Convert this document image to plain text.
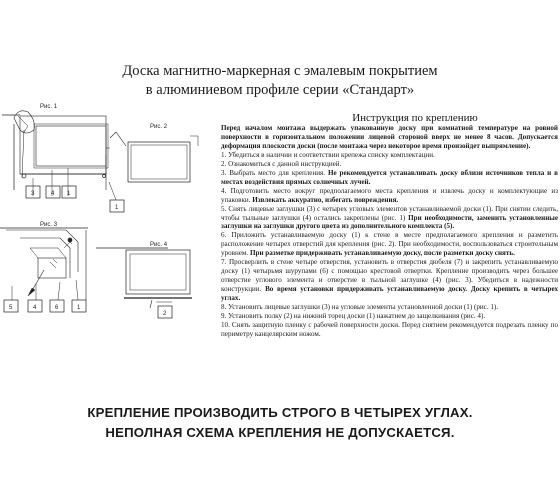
Доска магнитно-маркерная с эмалевым покрытием
в алюминиевом профиле серии «Стандарт»
Рис. 1
Рис. 2
Рис. 3
Рис. 4
3	4 1
1
5	4	6	1
2
Инструкция по креплению

Перед началом монтажа выдержать упакованную доску при комнатной температуре на ровной поверхности в горизонтальном положении лицевой стороной вверх не менее 8 часов. Допускается деформация плоскости доски (после монтажа через некоторое время произойдет выпрямление).

1. Убедиться в наличии и соответствии крепежа списку комплектации.

2. Ознакомиться с данной инструкцией.

3. Выбрать место для крепления. Не рекомендуется устанавливать доску вблизи источников тепла и в местах воздействия прямых солнечных лучей.

4. Подготовить место вокруг предполагаемого места крепления и извлечь доску и комплектующие из упаковки. Извлекать аккуратно, избегать повреждения.

5. Снять лицевые заглушки (3) с четырех угловых элементов устанавливаемой доски (1). При снятии следить, чтобы тыльные заглушки (4) остались закреплены (рис. 1) При необходимости, заменить установленные заглушки на заглушки другого цвета из дополнительного комплекта (5).

6. Приложить устанавливаемую доску (1) к стене в месте предполагаемого крепления и разметить расположение четырех отверстий для крепления (рис. 2). При необходимости, воспользоваться строительным уровнем. При разметке придерживать устанавливаемую доску, после разметки доску снять.

7. Просверлить в стене четыре отверстия, установить в отверстия дюбеля (7) и закрепить устанавливаемую доску (1) четырьмя шурупами (6) с помощью крестовой отвертки. Крепление производить через большее отверстие углового элемента и отверстие в тыльной заглушке (4) (рис. 3). Убедиться в надежности конструкции. Во время установки придерживать устанавливаемую доску. Доску крепить в четырех углах.

8. Установить лицевые заглушки (3) на угловые элементы установленной доски (1) (рис. 1).

9. Установить полку (2) на нижний торец доски (1) нажатием до защелкивания (рис. 4).

10. Снять защитную пленку с рабочей поверхности доски. Перед снятием рекомендуется подрезать пленку по периметру канцелярским ножом.

КРЕПЛЕНИЕ ПРОИЗВОДИТЬ СТРОГО В ЧЕТЫРЕХ УГЛАХ.
НЕПОЛНАЯ СХЕМА КРЕПЛЕНИЯ НЕ ДОПУСКАЕТСЯ.
